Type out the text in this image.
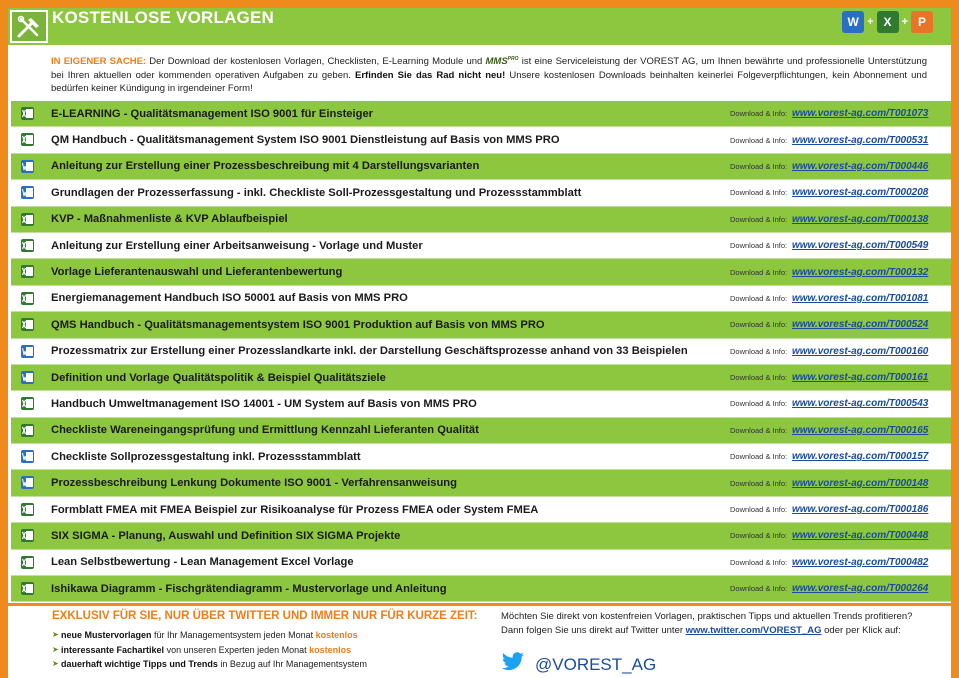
KOSTENLOSE VORLAGEN	W + X + P
IN EIGENER SACHE: Der Download der kostenlosen Vorlagen, Checklisten, E-Learning Module und $MMS^{PRO}$ ist eine Serviceleistung der VOREST AG, um Ihnen bewährte und professionelle Unterstützung bei Ihren aktuellen oder kommenden operativen Aufgaben zu geben. Erfinden Sie das Rad nicht neu! Unsere kostenlosen Downloads beinhalten keinerlei Folgeverpflichtungen, kein Abonnement und bedürfen keiner Kündigung in irgendeiner Form!
E-LEARNING - Qualitätsmanagement ISO 9001 für Einsteiger	Download & Info: www.vorest-ag.com/T001073
QM Handbuch - Qualitätsmanagement System ISO 9001 Dienstleistung auf Basis von MMS PRO	Download & Info: www.vorest-ag.com/T000531
Anleitung zur Erstellung einer Prozessbeschreibung mit 4 Darstellungsvarianten	Download & Info: www.vorest-ag.com/T000446
Grundlagen der Prozesserfassung - inkl. Checkliste Soll-Prozessgestaltung und Prozessstammblatt	Download & Info: www.vorest-ag.com/T000208
KVP - Maßnahmenliste & KVP Ablaufbeispiel	Download & Info: www.vorest-ag.com/T000138
Anleitung zur Erstellung einer Arbeitsanweisung - Vorlage und Muster	Download & Info: www.vorest-ag.com/T000549
Vorlage Lieferantenauswahl und Lieferantenbewertung	Download & Info: www.vorest-ag.com/T000132
Energiemanagement Handbuch ISO 50001 auf Basis von MMS PRO	Download & Info: www.vorest-ag.com/T001081
QMS Handbuch - Qualitätsmanagementsystem ISO 9001 Produktion auf Basis von MMS PRO	Download & Info: www.vorest-ag.com/T000524
Prozessmatrix zur Erstellung einer Prozesslandkarte inkl. der Darstellung Geschäftsprozesse anhand von 33 Beispielen	Download & Info: www.vorest-ag.com/T000160
Definition und Vorlage Qualitätspolitik & Beispiel Qualitätsziele	Download & Info: www.vorest-ag.com/T000161
Handbuch Umweltmanagement ISO 14001 - UM System auf Basis von MMS PRO	Download & Info: www.vorest-ag.com/T000543
Checkliste Wareneingangsprüfung und Ermittlung Kennzahl Lieferanten Qualität	Download & Info: www.vorest-ag.com/T000165
Checkliste Sollprozessgestaltung inkl. Prozessstammblatt	Download & Info: www.vorest-ag.com/T000157
Prozessbeschreibung Lenkung Dokumente ISO 9001 - Verfahrensanweisung	Download & Info: www.vorest-ag.com/T000148
Formblatt FMEA mit FMEA Beispiel zur Risikoanalyse für Prozess FMEA oder System FMEA	Download & Info: www.vorest-ag.com/T000186
SIX SIGMA - Planung, Auswahl und Definition SIX SIGMA Projekte	Download & Info: www.vorest-ag.com/T000448
Lean Selbstbewertung - Lean Management Excel Vorlage	Download & Info: www.vorest-ag.com/T000482
Ishikawa Diagramm - Fischgrätendiagramm - Mustervorlage und Anleitung	Download & Info: www.vorest-ag.com/T000264
EXKLUSIV FÜR SIE, NUR ÜBER TWITTER UND IMMER NUR FÜR KURZE ZEIT:
➤ neue Mustervorlagen für Ihr Managementsystem jeden Monat kostenlos
➤ interessante Fachartikel von unseren Experten jeden Monat kostenlos
➤ dauerhaft wichtige Tipps und Trends in Bezug auf Ihr Managementsystem
Möchten Sie direkt von kostenfreien Vorlagen, praktischen Tipps und aktuellen Trends profitieren?
Dann folgen Sie uns direkt auf Twitter unter www.twitter.com/VOREST_AG oder per Klick auf:
@VOREST_AG
